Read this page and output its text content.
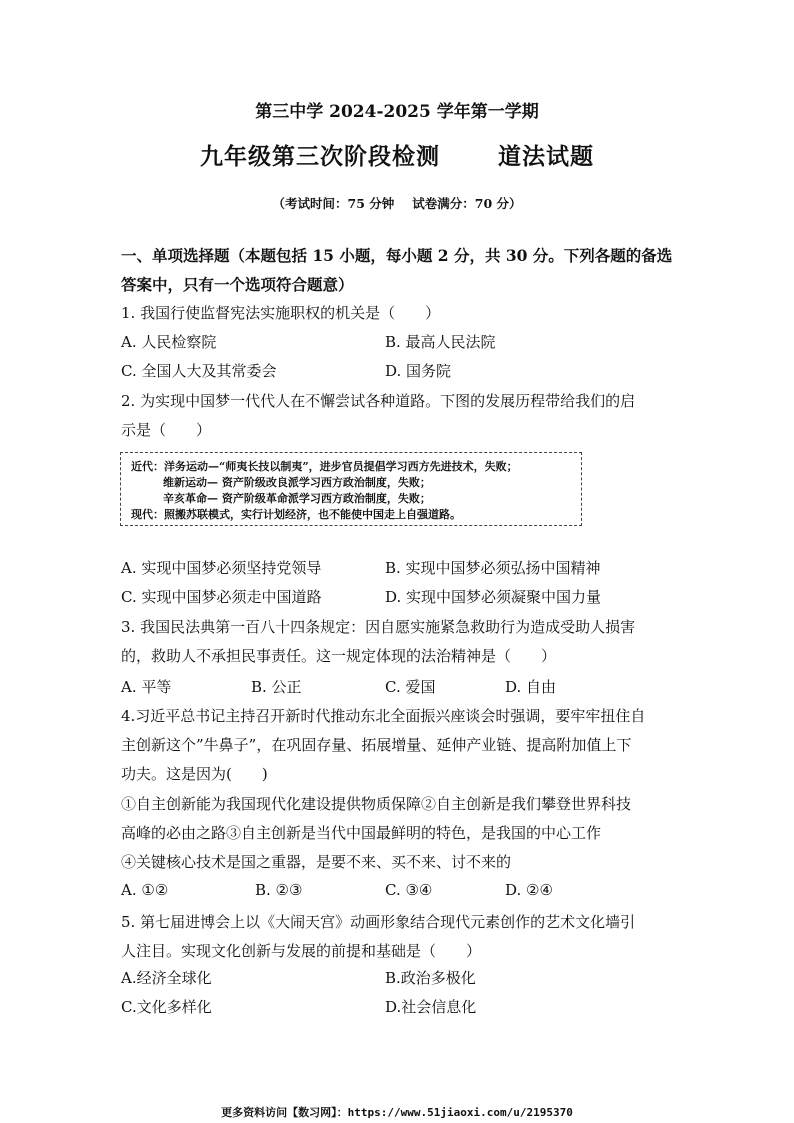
第三中学 2024-2025 学年第一学期
九年级第三次阶段检测	道法试题
（考试时间：75 分钟 试卷满分：70 分）
一、单项选择题（本题包括 15 小题，每小题 2 分，共 30 分。下列各题的备选
答案中，只有一个选项符合题意）
1. 我国行使监督宪法实施职权的机关是（　　）
A. 人民检察院	B. 最高人民法院
C. 全国人大及其常委会	D. 国务院
2. 为实现中国梦一代代人在不懈尝试各种道路。下图的发展历程带给我们的启
示是（　　）
近代：洋务运动—“师夷长技以制夷”，进步官员提倡学习西方先进技术，失败；
维新运动— 资产阶级改良派学习西方政治制度，失败；
辛亥革命— 资产阶级革命派学习西方政治制度，失败；
现代：照搬苏联模式，实行计划经济，也不能使中国走上自强道路。
A. 实现中国梦必须坚持党领导	B. 实现中国梦必须弘扬中国精神
C. 实现中国梦必须走中国道路	D. 实现中国梦必须凝聚中国力量
3. 我国民法典第一百八十四条规定：因自愿实施紧急救助行为造成受助人损害
的，救助人不承担民事责任。这一规定体现的法治精神是（　　）
A. 平等	B. 公正	C. 爱国	D. 自由
4.习近平总书记主持召开新时代推动东北全面振兴座谈会时强调，要牢牢扭住自
主创新这个”牛鼻子”，在巩固存量、拓展增量、延伸产业链、提高附加值上下
功夫。这是因为(　　)
①自主创新能为我国现代化建设提供物质保障②自主创新是我们攀登世界科技
高峰的必由之路③自主创新是当代中国最鲜明的特色，是我国的中心工作
④关键核心技术是国之重器，是要不来、买不来、讨不来的
A. ①②	B. ②③	C. ③④	D. ②④
5. 第七届进博会上以《大闹天宫》动画形象结合现代元素创作的艺术文化墙引
人注目。实现文化创新与发展的前提和基础是（　　）
A.经济全球化	B.政治多极化
C.文化多样化	D.社会信息化
更多资料访问【数习网】：https://www.51jiaoxi.com/u/2195370
